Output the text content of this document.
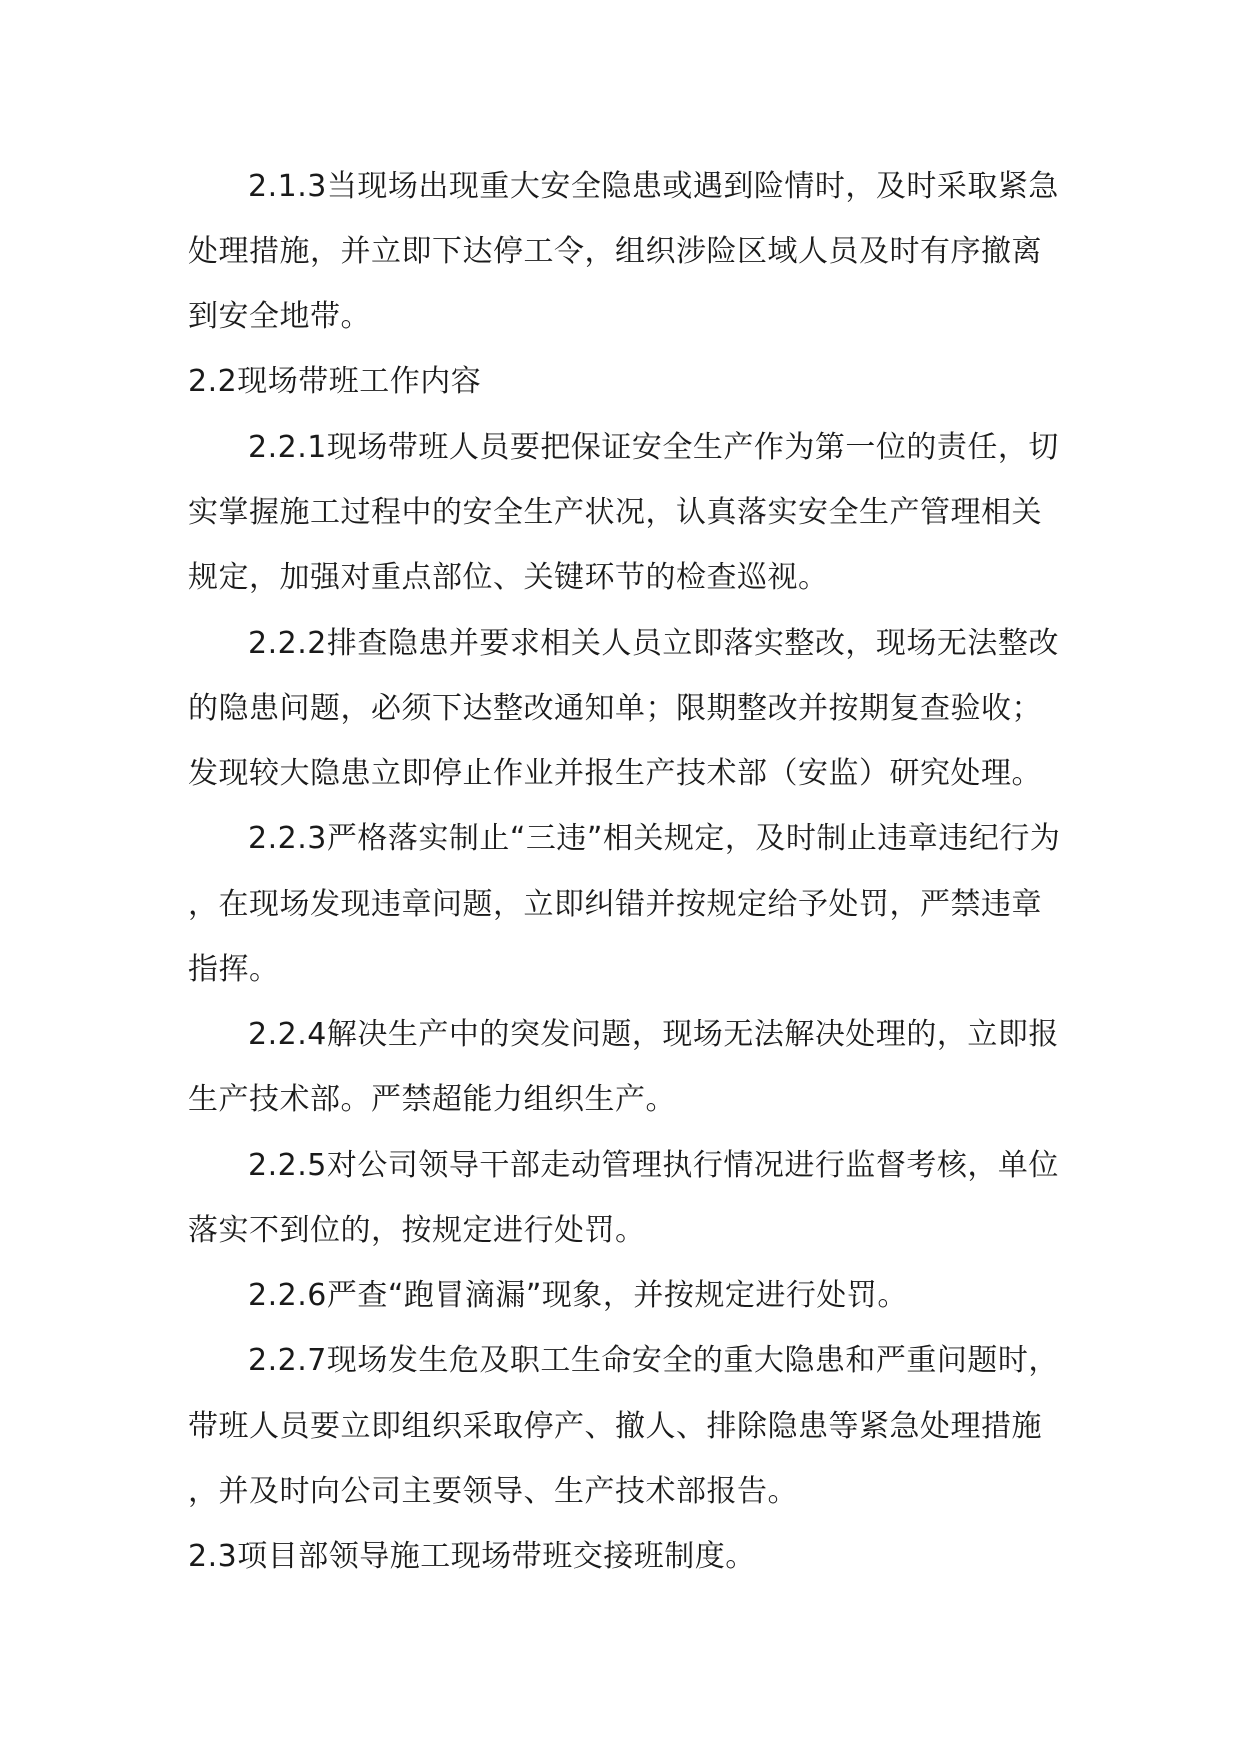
2.1.3当现场出现重大安全隐患或遇到险情时，及时采取紧急

处理措施，并立即下达停工令，组织涉险区域人员及时有序撤离

到安全地带。

2.2现场带班工作内容

2.2.1现场带班人员要把保证安全生产作为第一位的责任，切

实掌握施工过程中的安全生产状况，认真落实安全生产管理相关

规定，加强对重点部位、关键环节的检查巡视。

2.2.2排查隐患并要求相关人员立即落实整改，现场无法整改

的隐患问题，必须下达整改通知单；限期整改并按期复查验收；

发现较大隐患立即停止作业并报生产技术部（安监）研究处理。

2.2.3严格落实制止“三违”相关规定，及时制止违章违纪行为

，在现场发现违章问题，立即纠错并按规定给予处罚，严禁违章

指挥。

2.2.4解决生产中的突发问题，现场无法解决处理的，立即报

生产技术部。严禁超能力组织生产。

2.2.5对公司领导干部走动管理执行情况进行监督考核，单位

落实不到位的，按规定进行处罚。

2.2.6严查“跑冒滴漏”现象，并按规定进行处罚。

2.2.7现场发生危及职工生命安全的重大隐患和严重问题时，

带班人员要立即组织采取停产、撤人、排除隐患等紧急处理措施

，并及时向公司主要领导、生产技术部报告。

2.3项目部领导施工现场带班交接班制度。
